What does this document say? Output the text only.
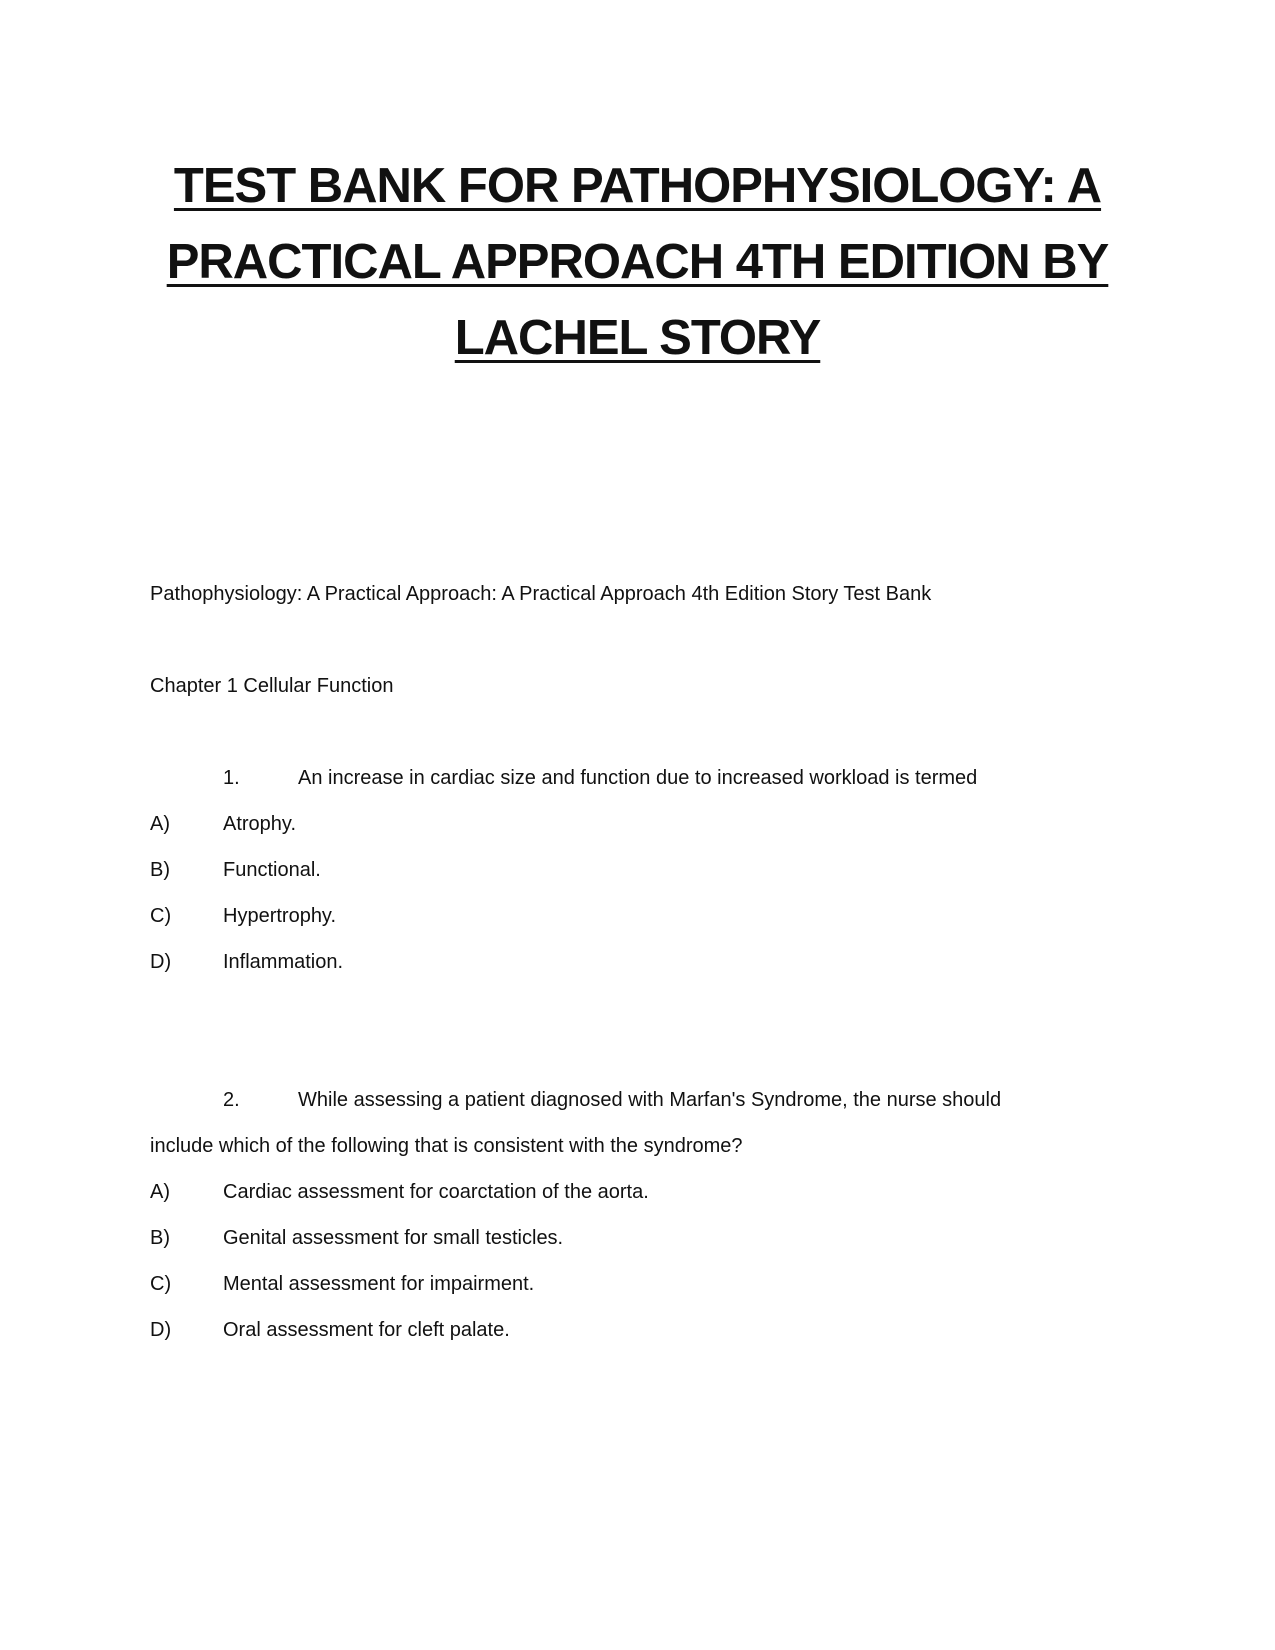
TEST BANK FOR PATHOPHYSIOLOGY: A
PRACTICAL APPROACH 4TH EDITION BY
LACHEL STORY
Pathophysiology: A Practical Approach: A Practical Approach 4th Edition Story Test Bank
Chapter 1 Cellular Function
1.	An increase in cardiac size and function due to increased workload is termed
A)	Atrophy.
B)	Functional.
C)	Hypertrophy.
D)	Inflammation.
2.	While assessing a patient diagnosed with Marfan's Syndrome, the nurse should
include which of the following that is consistent with the syndrome?
A)	Cardiac assessment for coarctation of the aorta.
B)	Genital assessment for small testicles.
C)	Mental assessment for impairment.
D)	Oral assessment for cleft palate.
